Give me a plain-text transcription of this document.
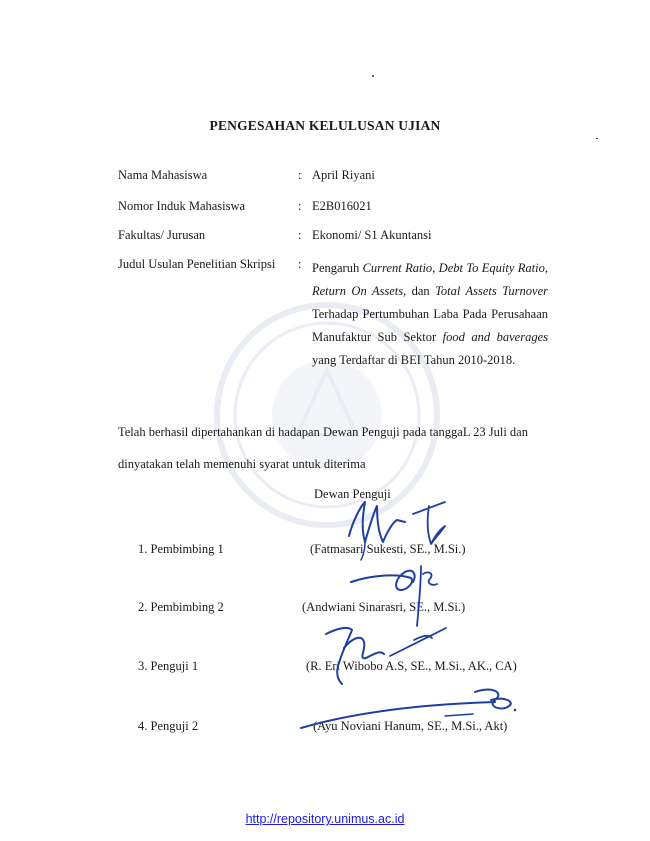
PENGESAHAN KELULUSAN UJIAN
Nama Mahasiswa	: April Riyani
Nomor Induk Mahasiswa	: E2B016021
Fakultas/ Jurusan	: Ekonomi/ S1 Akuntansi
Judul Usulan Penelitian Skripsi : Pengaruh Current Ratio, Debt To Equity Ratio, Return On Assets, dan Total Assets Turnover Terhadap Pertumbuhan Laba Pada Perusahaan Manufaktur Sub Sektor food and baverages yang Terdaftar di BEI Tahun 2010-2018.
Telah berhasil dipertahankan di hadapan Dewan Penguji pada tanggaL 23 Juli dan
dinyatakan telah memenuhi syarat untuk diterima
Dewan Penguji
1. Pembimbing 1	(Fatmasari Sukesti, SE., M.Si.)
2. Pembimbing 2	(Andwiani Sinarasri, SE., M.Si.)
3. Penguji 1	(R. Eri Wibobo A.S, SE., M.Si., AK., CA)
4. Penguji 2	(Ayu Noviani Hanum, SE., M.Si., Akt)
http://repository.unimus.ac.id
